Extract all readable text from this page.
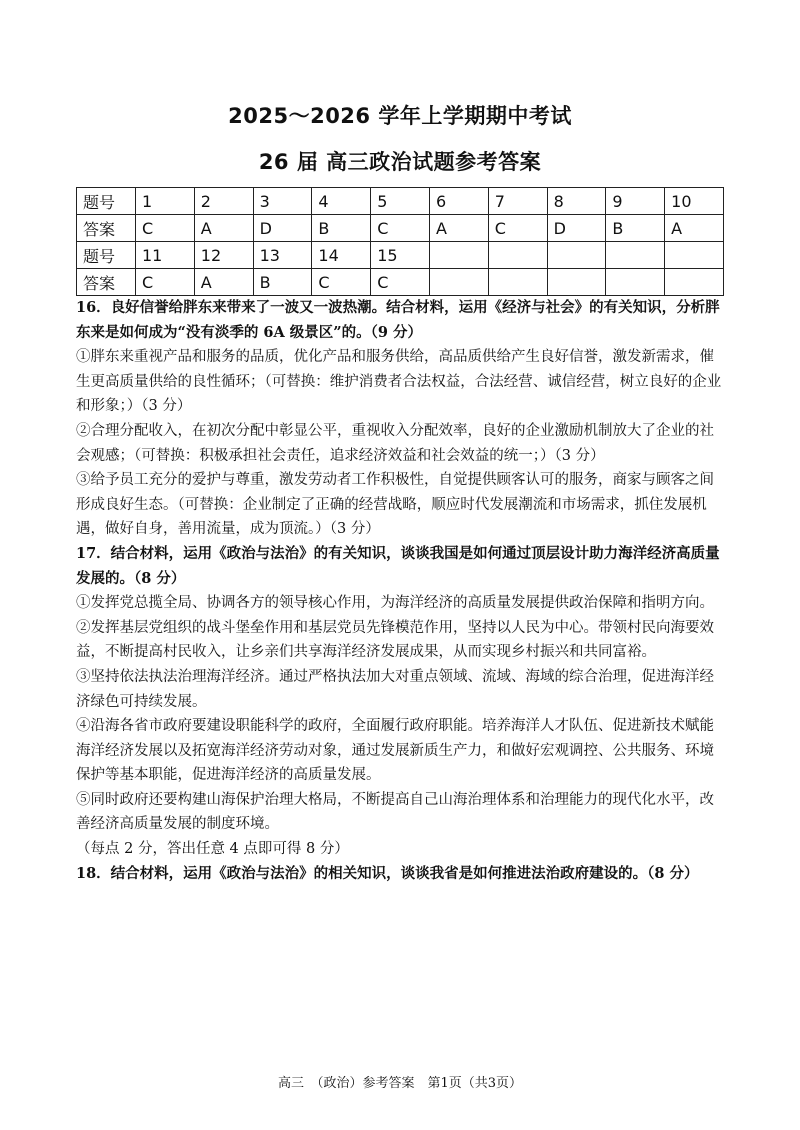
2025～2026 学年上学期期中考试
26 届 高三政治试题参考答案
题号	1	2	3	4	5	6	7	8	9	10
答案	C	A	D	B	C	A	C	D	B	A
题号	11	12	13	14	15					
答案	C	A	B	C	C					

16．良好信誉给胖东来带来了一波又一波热潮。结合材料，运用《经济与社会》的有关知识，分析胖东来是如何成为“没有淡季的 6A 级景区”的。（9 分）

①胖东来重视产品和服务的品质，优化产品和服务供给，高品质供给产生良好信誉，激发新需求，催生更高质量供给的良性循环；（可替换：维护消费者合法权益，合法经营、诚信经营，树立良好的企业和形象；）（3 分）

②合理分配收入，在初次分配中彰显公平，重视收入分配效率，良好的企业激励机制放大了企业的社会观感；（可替换：积极承担社会责任，追求经济效益和社会效益的统一；）（3 分）

③给予员工充分的爱护与尊重，激发劳动者工作积极性，自觉提供顾客认可的服务，商家与顾客之间形成良好生态。（可替换：企业制定了正确的经营战略，顺应时代发展潮流和市场需求，抓住发展机遇，做好自身，善用流量，成为顶流。）（3 分）

17．结合材料，运用《政治与法治》的有关知识，谈谈我国是如何通过顶层设计助力海洋经济高质量发展的。（8 分）

①发挥党总揽全局、协调各方的领导核心作用，为海洋经济的高质量发展提供政治保障和指明方向。

②发挥基层党组织的战斗堡垒作用和基层党员先锋模范作用，坚持以人民为中心。带领村民向海要效益，不断提高村民收入，让乡亲们共享海洋经济发展成果，从而实现乡村振兴和共同富裕。

③坚持依法执法治理海洋经济。通过严格执法加大对重点领域、流域、海域的综合治理，促进海洋经济绿色可持续发展。

④沿海各省市政府要建设职能科学的政府，全面履行政府职能。培养海洋人才队伍、促进新技术赋能海洋经济发展以及拓宽海洋经济劳动对象，通过发展新质生产力，和做好宏观调控、公共服务、环境保护等基本职能，促进海洋经济的高质量发展。

⑤同时政府还要构建山海保护治理大格局，不断提高自己山海治理体系和治理能力的现代化水平，改善经济高质量发展的制度环境。

（每点 2 分，答出任意 4 点即可得 8 分）

18．结合材料，运用《政治与法治》的相关知识，谈谈我省是如何推进法治政府建设的。（8 分）

高三　（政治）参考答案　第1页（共3页）
